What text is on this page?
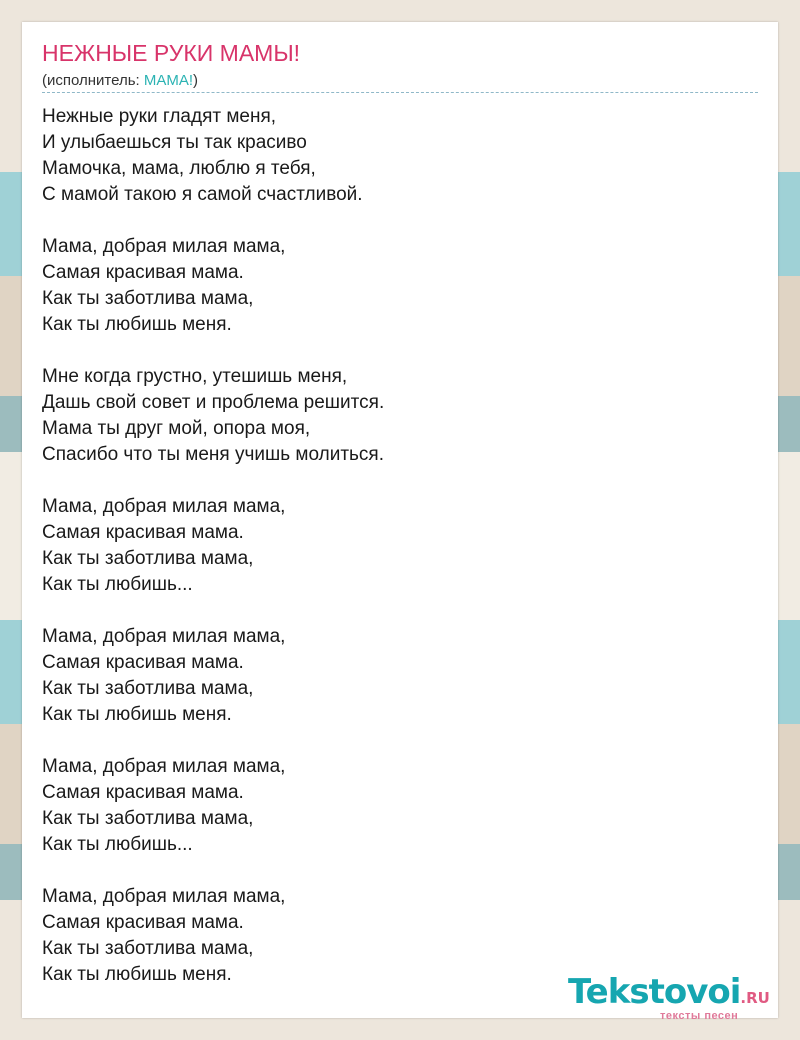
НЕЖНЫЕ РУКИ МАМЫ!
(исполнитель: МАМА!)
Нежные руки гладят меня,
И улыбаешься ты так красиво
Мамочка, мама, люблю я тебя,
С мамой такою я самой счастливой.
Мама, добрая милая мама,
Самая красивая мама.
Как ты заботлива мама,
Как ты любишь меня.
Мне когда грустно, утешишь меня,
Дашь свой совет и проблема решится.
Мама ты друг мой, опора моя,
Спасибо что ты меня учишь молиться.
Мама, добрая милая мама,
Самая красивая мама.
Как ты заботлива мама,
Как ты любишь...
Мама, добрая милая мама,
Самая красивая мама.
Как ты заботлива мама,
Как ты любишь меня.
Мама, добрая милая мама,
Самая красивая мама.
Как ты заботлива мама,
Как ты любишь...
Мама, добрая милая мама,
Самая красивая мама.
Как ты заботлива мама,
Как ты любишь меня.	Tekstovoi.RU
тексты песен
